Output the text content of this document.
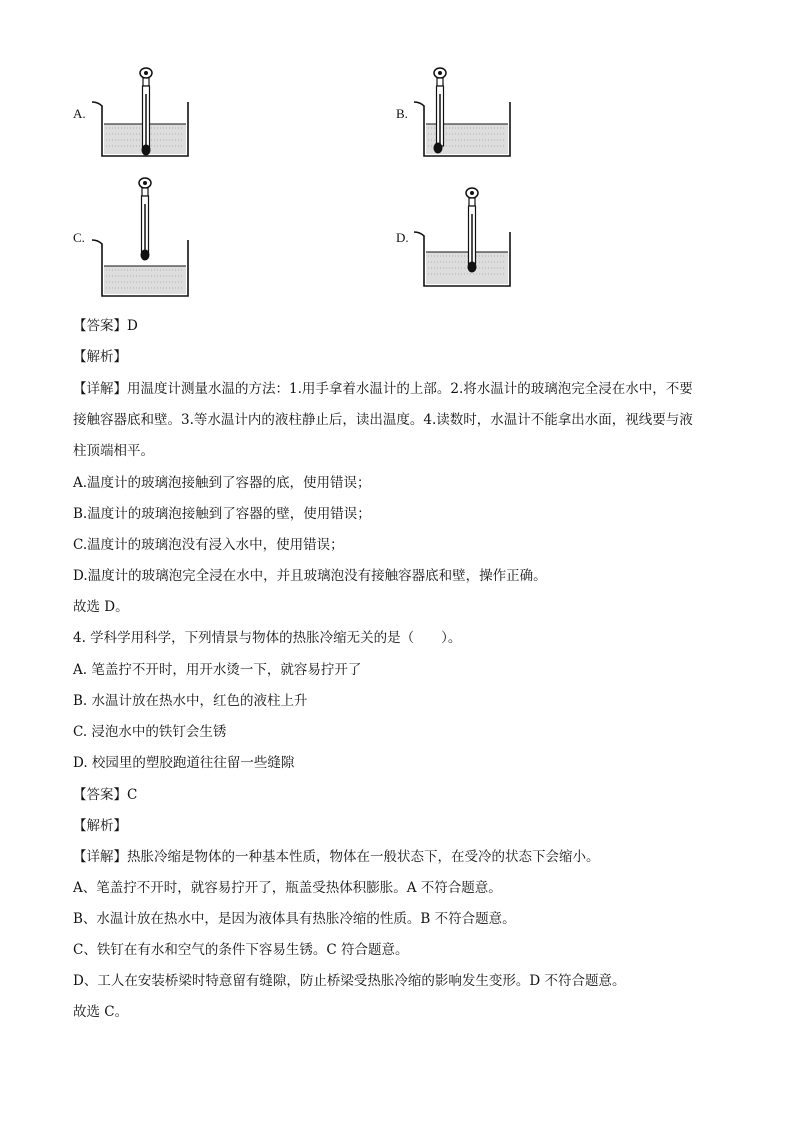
A.	B.
C.	D.
【答案】D
【解析】
【详解】用温度计测量水温的方法：1.用手拿着水温计的上部。2.将水温计的玻璃泡完全浸在水中，不要
接触容器底和壁。3.等水温计内的液柱静止后，读出温度。4.读数时，水温计不能拿出水面，视线要与液
柱顶端相平。
A.温度计的玻璃泡接触到了容器的底，使用错误；
B.温度计的玻璃泡接触到了容器的壁，使用错误；
C.温度计的玻璃泡没有浸入水中，使用错误；
D.温度计的玻璃泡完全浸在水中，并且玻璃泡没有接触容器底和壁，操作正确。
故选 D。
4. 学科学用科学，下列情景与物体的热胀冷缩无关的是（　　）。
A. 笔盖拧不开时，用开水烫一下，就容易拧开了
B. 水温计放在热水中，红色的液柱上升
C. 浸泡水中的铁钉会生锈
D. 校园里的塑胶跑道往往留一些缝隙
【答案】C
【解析】
【详解】热胀冷缩是物体的一种基本性质，物体在一般状态下，在受冷的状态下会缩小。
A、笔盖拧不开时，就容易拧开了，瓶盖受热体积膨胀。A 不符合题意。
B、水温计放在热水中，是因为液体具有热胀冷缩的性质。B 不符合题意。
C、铁钉在有水和空气的条件下容易生锈。C 符合题意。
D、工人在安装桥梁时特意留有缝隙，防止桥梁受热胀冷缩的影响发生变形。D 不符合题意。
故选 C。
